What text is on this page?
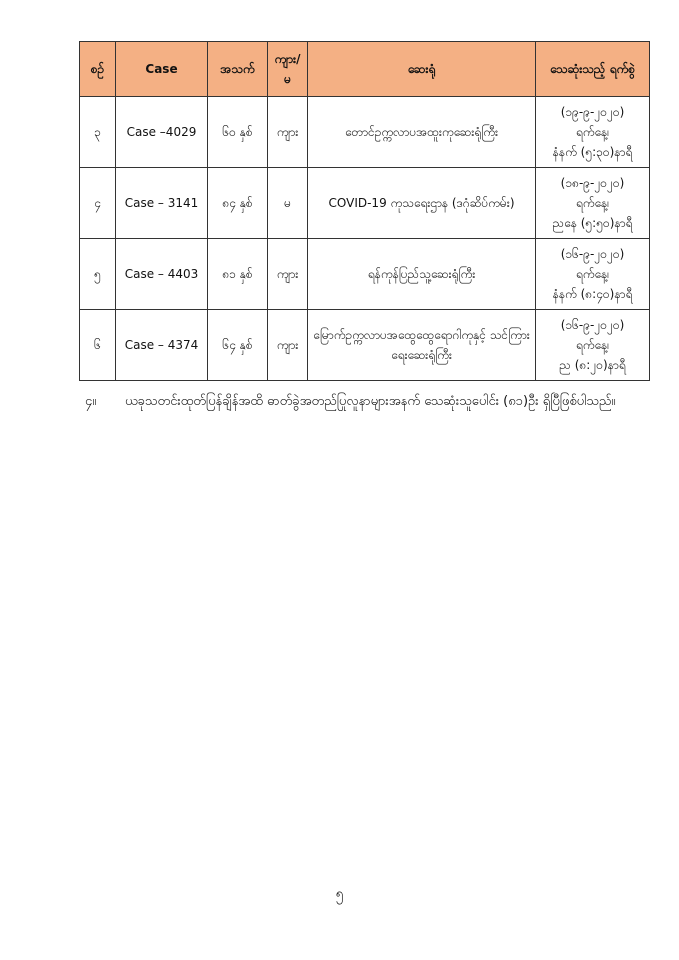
စဉ်	Case	အသက်	ကျား/မ	ဆေးရုံ	သေဆုံးသည့် ရက်စွဲ
၃	Case –4029	၆၀ နှစ်	ကျား	တောင်ဥက္ကလာပအထူးကုဆေးရုံကြီး	(၁၉-၉-၂၀၂၀)
ရက်နေ့၊
နံနက် (၅:၃၀)နာရီ

၄	Case – 3141	၈၄ နှစ်	မ	COVID-19 ကုသရေးဌာန (ဒဂုံဆိပ်ကမ်း)	(၁၈-၉-၂၀၂၀)
ရက်နေ့၊
ညနေ (၅:၅၀)နာရီ

၅	Case – 4403	၈၁ နှစ်	ကျား	ရန်ကုန်ပြည်သူ့ဆေးရုံကြီး	(၁၆-၉-၂၀၂၀)
ရက်နေ့၊
နံနက် (၈:၄၀)နာရီ

၆	Case – 4374	၆၄ နှစ်	ကျား	မြောက်ဥက္ကလာပအထွေထွေရောဂါကုနှင့် သင်ကြားရေးဆေးရုံကြီး	(၁၆-၉-၂၀၂၀)
ရက်နေ့၊
ည (၈:၂၀)နာရီ
၄။ ယခုသတင်းထုတ်ပြန်ချိန်အထိ ဓာတ်ခွဲအတည်ပြုလူနာများအနက် သေဆုံးသူပေါင်း (၈၁)ဦး ရှိပြီဖြစ်ပါသည်။
၅
